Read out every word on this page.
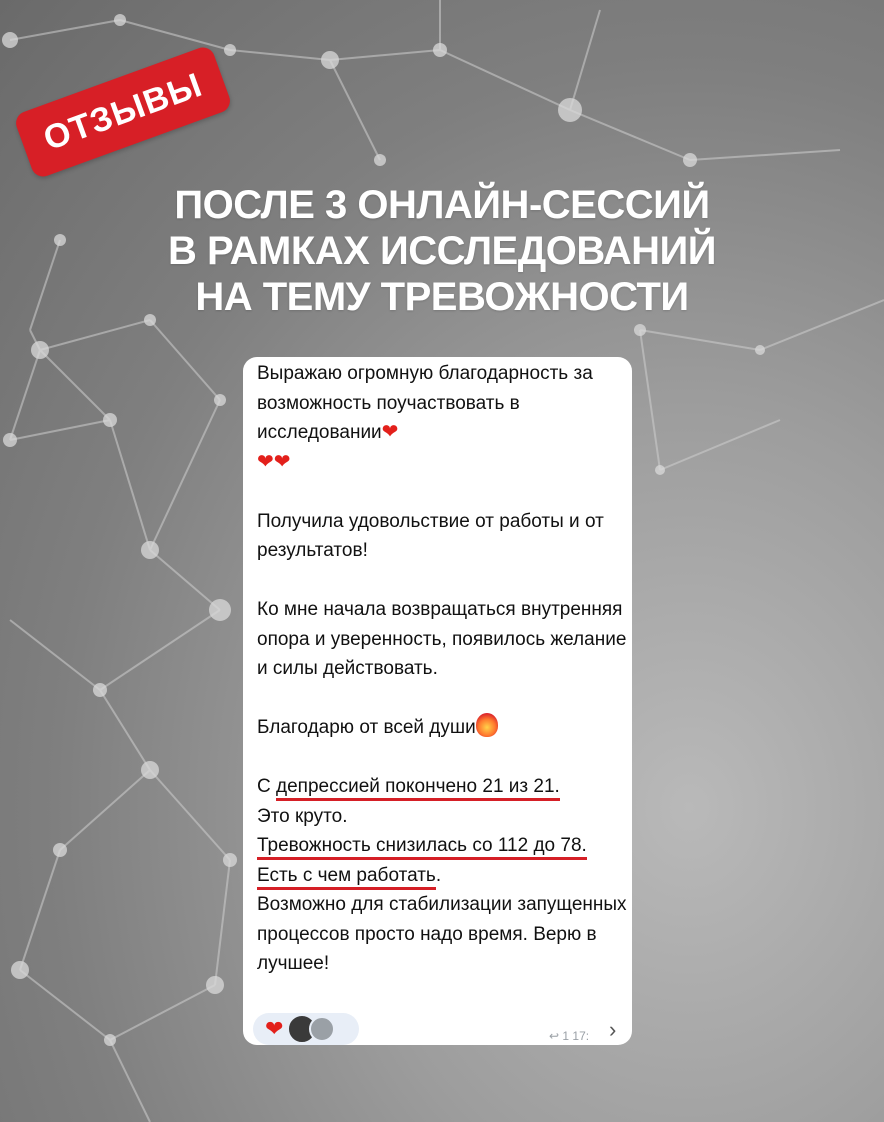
ОТЗЫВЫ
ПОСЛЕ 3 ОНЛАЙН-СЕССИЙ
В РАМКАХ ИССЛЕДОВАНИЙ
НА ТЕМУ ТРЕВОЖНОСТИ

Выражаю огромную благодарность за возможность поучаствовать в исследовании❤
❤❤

Получила удовольствие от работы и от результатов!

Ко мне начала возвращаться внутренняя опора и уверенность, появилось желание и силы действовать.

Благодарю от всей души

С депрессией покончено 21 из 21.
Это круто.
Тревожность снизилась со 112 до 78. Есть с чем работать.
Возможно для стабилизации запущенных процессов просто надо время. Верю в лучшее!

❤	↩ 1 17: ›
